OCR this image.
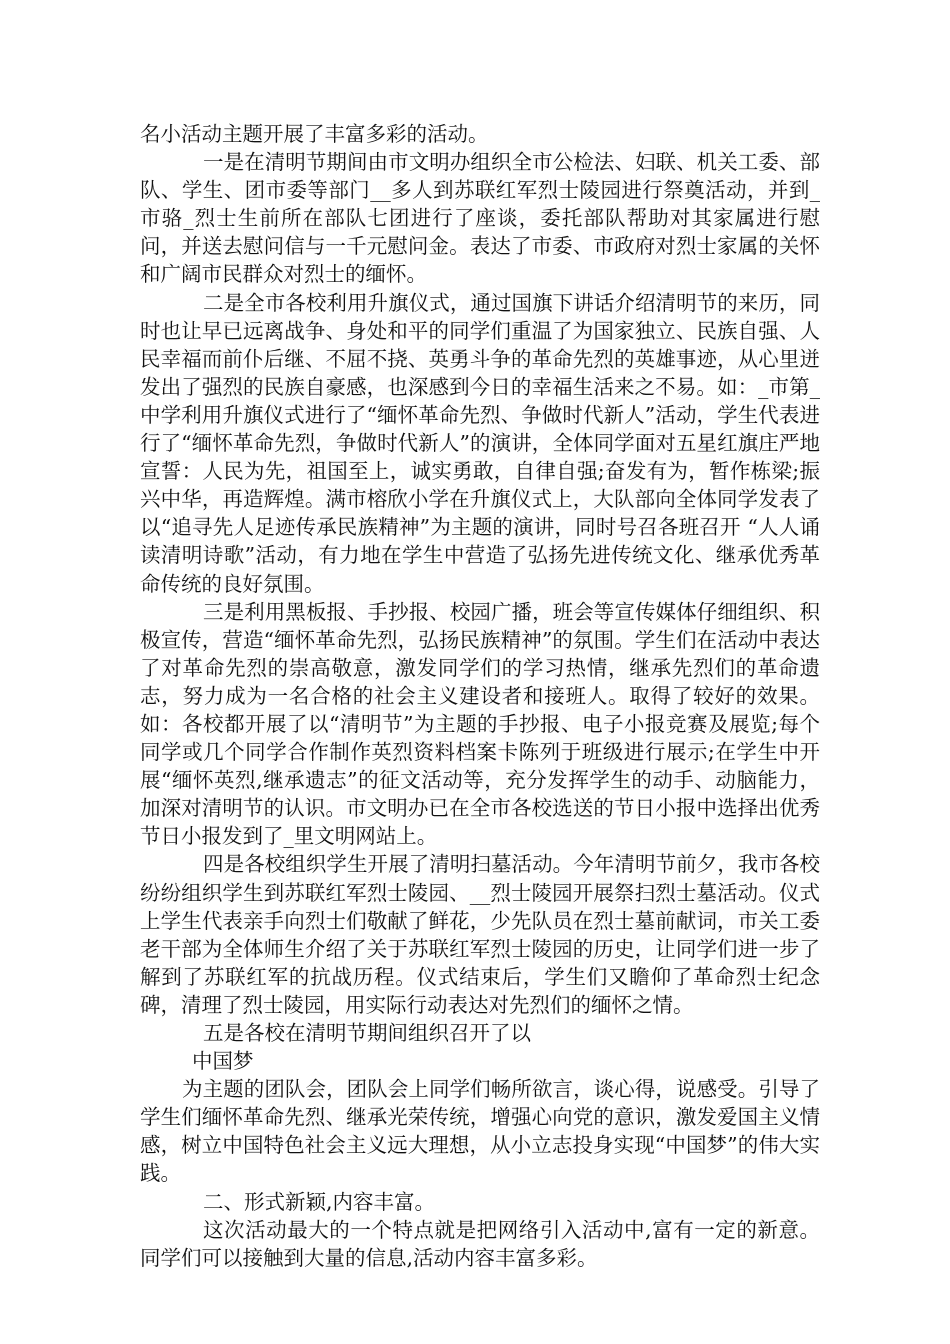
名小活动主题开展了丰富多彩的活动。

一是在清明节期间由市文明办组织全市公检法、妇联、机关工委、部队、学生、团市委等部门__多人到苏联红军烈士陵园进行祭奠活动，并到_市骆_烈士生前所在部队七团进行了座谈，委托部队帮助对其家属进行慰问，并送去慰问信与一千元慰问金。表达了市委、市政府对烈士家属的关怀和广阔市民群众对烈士的缅怀。

二是全市各校利用升旗仪式，通过国旗下讲话介绍清明节的来历，同时也让早已远离战争、身处和平的同学们重温了为国家独立、民族自强、人民幸福而前仆后继、不屈不挠、英勇斗争的革命先烈的英雄事迹，从心里迸发出了强烈的民族自豪感，也深感到今日的幸福生活来之不易。如：_市第_中学利用升旗仪式进行了“缅怀革命先烈、争做时代新人”活动，学生代表进行了“缅怀革命先烈，争做时代新人”的演讲，全体同学面对五星红旗庄严地宣誓：人民为先，祖国至上，诚实勇敢，自律自强;奋发有为，暂作栋梁;振兴中华，再造辉煌。满市榕欣小学在升旗仪式上，大队部向全体同学发表了以“追寻先人足迹传承民族精神”为主题的演讲，同时号召各班召开 “人人诵读清明诗歌”活动，有力地在学生中营造了弘扬先进传统文化、继承优秀革命传统的良好氛围。

三是利用黑板报、手抄报、校园广播，班会等宣传媒体仔细组织、积极宣传，营造“缅怀革命先烈，弘扬民族精神”的氛围。学生们在活动中表达了对革命先烈的崇高敬意，激发同学们的学习热情，继承先烈们的革命遗志，努力成为一名合格的社会主义建设者和接班人。取得了较好的效果。如：各校都开展了以“清明节”为主题的手抄报、电子小报竞赛及展览;每个同学或几个同学合作制作英烈资料档案卡陈列于班级进行展示;在学生中开展“缅怀英烈,继承遗志”的征文活动等，充分发挥学生的动手、动脑能力，加深对清明节的认识。市文明办已在全市各校选送的节日小报中选择出优秀节日小报发到了_里文明网站上。

四是各校组织学生开展了清明扫墓活动。今年清明节前夕，我市各校纷纷组织学生到苏联红军烈士陵园、__烈士陵园开展祭扫烈士墓活动。仪式上学生代表亲手向烈士们敬献了鲜花，少先队员在烈士墓前献词，市关工委老干部为全体师生介绍了关于苏联红军烈士陵园的历史，让同学们进一步了解到了苏联红军的抗战历程。仪式结束后，学生们又瞻仰了革命烈士纪念碑，清理了烈士陵园，用实际行动表达对先烈们的缅怀之情。

五是各校在清明节期间组织召开了以

中国梦

为主题的团队会，团队会上同学们畅所欲言，谈心得，说感受。引导了学生们缅怀革命先烈、继承光荣传统，增强心向党的意识，激发爱国主义情感，树立中国特色社会主义远大理想，从小立志投身实现“中国梦”的伟大实践。

二、形式新颖,内容丰富。

这次活动最大的一个特点就是把网络引入活动中,富有一定的新意。同学们可以接触到大量的信息,活动内容丰富多彩。
